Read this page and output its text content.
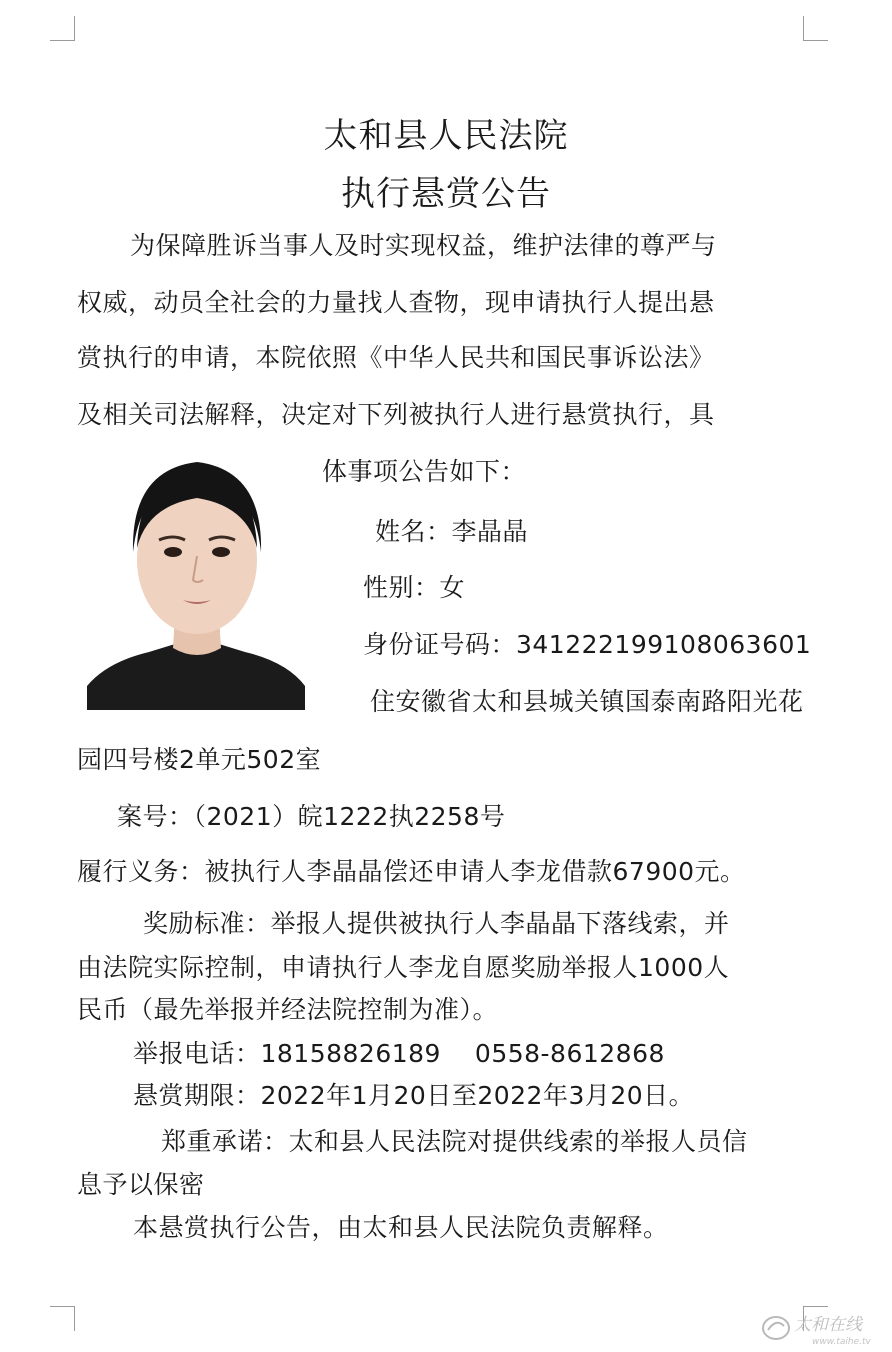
太和县人民法院
执行悬赏公告
为保障胜诉当事人及时实现权益，维护法律的尊严与
权威，动员全社会的力量找人查物，现申请执行人提出悬
赏执行的申请，本院依照《中华人民共和国民事诉讼法》
及相关司法解释，决定对下列被执行人进行悬赏执行，具
体事项公告如下：
姓名：李晶晶
性别：女
身份证号码：341222199108063601
住安徽省太和县城关镇国泰南路阳光花
园四号楼2单元502室
案号：（2021）皖1222执2258号
履行义务：被执行人李晶晶偿还申请人李龙借款67900元。
奖励标准：举报人提供被执行人李晶晶下落线索，并
由法院实际控制，申请执行人李龙自愿奖励举报人1000人
民币（最先举报并经法院控制为准）。
举报电话：18158826189　 0558-8612868
悬赏期限：2022年1月20日至2022年3月20日。
郑重承诺：太和县人民法院对提供线索的举报人员信
息予以保密
本悬赏执行公告，由太和县人民法院负责解释。
太和在线
www.taihe.tv
